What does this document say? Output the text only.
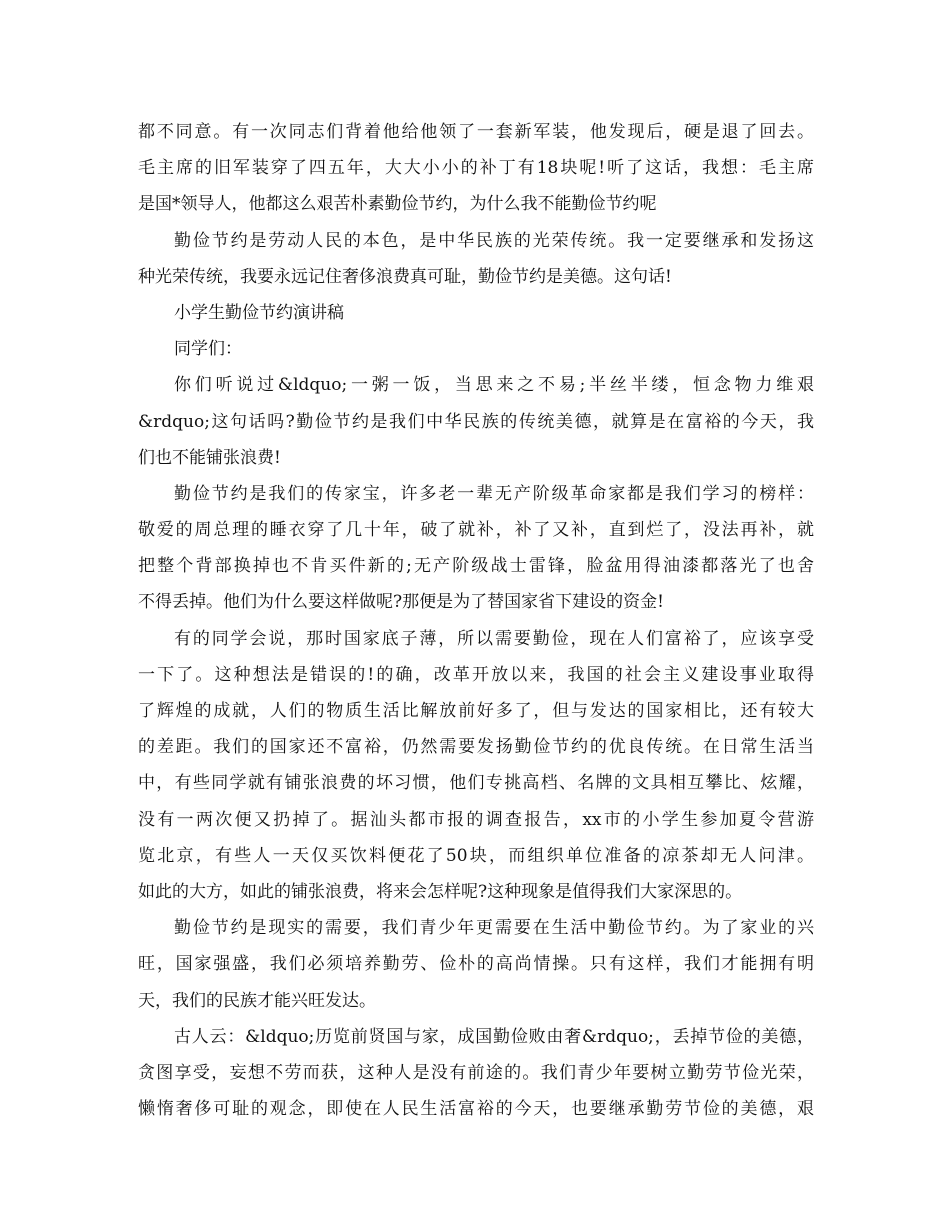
都不同意。有一次同志们背着他给他领了一套新军装，他发现后，硬是退了回去。
毛主席的旧军装穿了四五年，大大小小的补丁有18块呢!听了这话，我想：毛主席
是国*领导人，他都这么艰苦朴素勤俭节约，为什么我不能勤俭节约呢
勤俭节约是劳动人民的本色，是中华民族的光荣传统。我一定要继承和发扬这
种光荣传统，我要永远记住奢侈浪费真可耻，勤俭节约是美德。这句话!
小学生勤俭节约演讲稿
同学们：
你们听说过&ldquo;一粥一饭，当思来之不易;半丝半缕，恒念物力维艰
&rdquo;这句话吗?勤俭节约是我们中华民族的传统美德，就算是在富裕的今天，我
们也不能铺张浪费!
勤俭节约是我们的传家宝，许多老一辈无产阶级革命家都是我们学习的榜样：
敬爱的周总理的睡衣穿了几十年，破了就补，补了又补，直到烂了，没法再补，就
把整个背部换掉也不肯买件新的;无产阶级战士雷锋，脸盆用得油漆都落光了也舍
不得丢掉。他们为什么要这样做呢?那便是为了替国家省下建设的资金!
有的同学会说，那时国家底子薄，所以需要勤俭，现在人们富裕了，应该享受
一下了。这种想法是错误的!的确，改革开放以来，我国的社会主义建设事业取得
了辉煌的成就，人们的物质生活比解放前好多了，但与发达的国家相比，还有较大
的差距。我们的国家还不富裕，仍然需要发扬勤俭节约的优良传统。在日常生活当
中，有些同学就有铺张浪费的坏习惯，他们专挑高档、名牌的文具相互攀比、炫耀，
没有一两次便又扔掉了。据汕头都市报的调查报告，xx市的小学生参加夏令营游
览北京，有些人一天仅买饮料便花了50块，而组织单位准备的凉茶却无人问津。
如此的大方，如此的铺张浪费，将来会怎样呢?这种现象是值得我们大家深思的。
勤俭节约是现实的需要，我们青少年更需要在生活中勤俭节约。为了家业的兴
旺，国家强盛，我们必须培养勤劳、俭朴的高尚情操。只有这样，我们才能拥有明
天，我们的民族才能兴旺发达。
古人云：&ldquo;历览前贤国与家，成国勤俭败由奢&rdquo;，丢掉节俭的美德，
贪图享受，妄想不劳而获，这种人是没有前途的。我们青少年要树立勤劳节俭光荣，
懒惰奢侈可耻的观念，即使在人民生活富裕的今天，也要继承勤劳节俭的美德，艰
